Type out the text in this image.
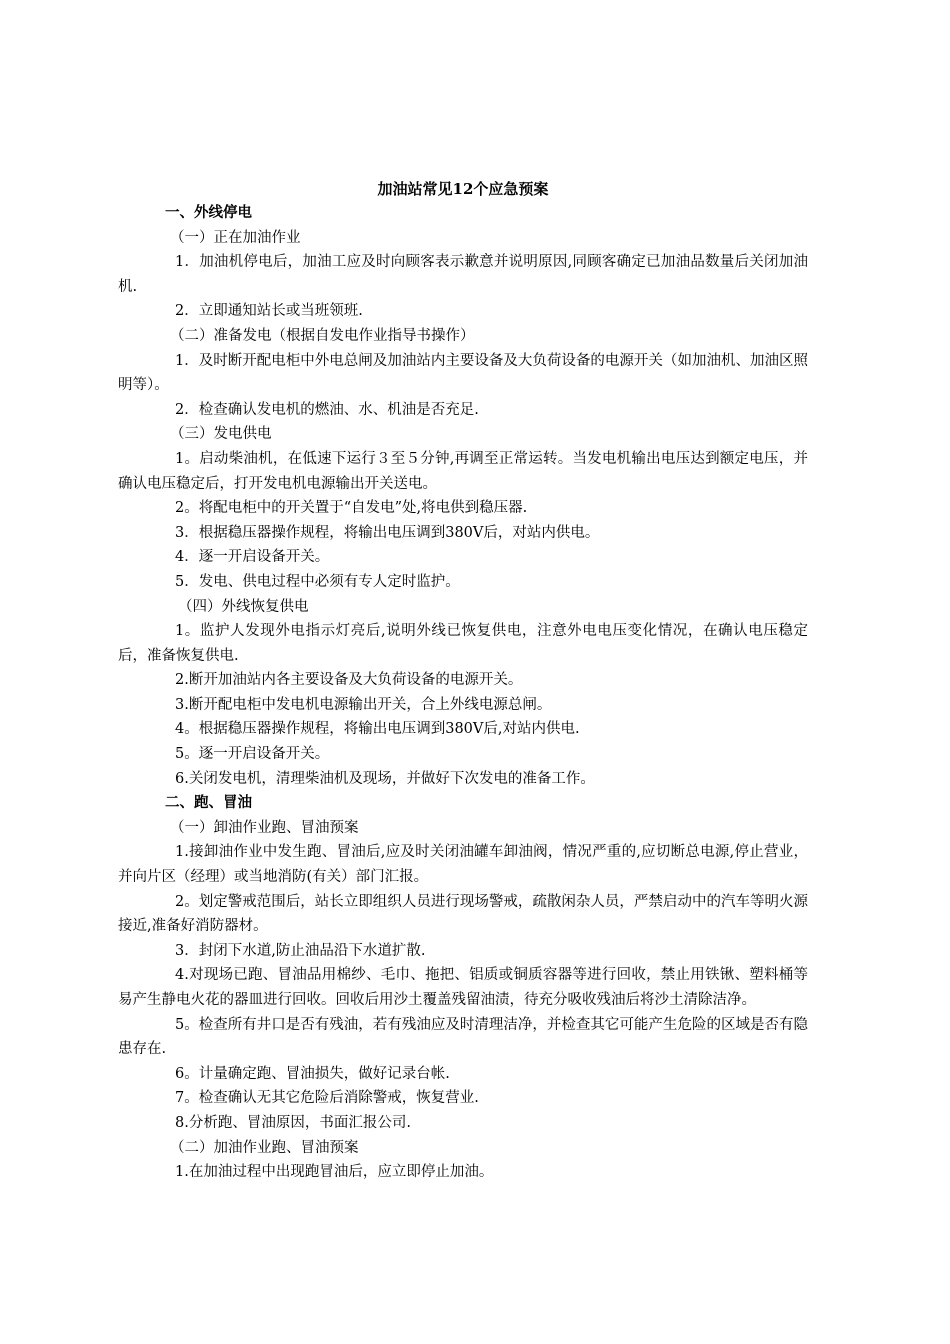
加油站常见12个应急预案
一、外线停电
（一）正在加油作业
1．加油机停电后，加油工应及时向顾客表示歉意并说明原因,同顾客确定已加油品数量后关闭加油机.
2．立即通知站长或当班领班.
（二）准备发电（根据自发电作业指导书操作）
1．及时断开配电柜中外电总闸及加油站内主要设备及大负荷设备的电源开关（如加油机、加油区照明等）。
2．检查确认发电机的燃油、水、机油是否充足.
（三）发电供电
1。启动柴油机，在低速下运行３至５分钟,再调至正常运转。当发电机输出电压达到额定电压，并确认电压稳定后，打开发电机电源输出开关送电。
2。将配电柜中的开关置于“自发电”处,将电供到稳压器.
3．根据稳压器操作规程，将输出电压调到380V后，对站内供电。
4．逐一开启设备开关。
5．发电、供电过程中必须有专人定时监护。
（四）外线恢复供电
1。监护人发现外电指示灯亮后,说明外线已恢复供电，注意外电电压变化情况，在确认电压稳定后，准备恢复供电.
2.断开加油站内各主要设备及大负荷设备的电源开关。
3.断开配电柜中发电机电源输出开关，合上外线电源总闸。
4。根据稳压器操作规程，将输出电压调到380V后,对站内供电.
5。逐一开启设备开关。
6.关闭发电机，清理柴油机及现场，并做好下次发电的准备工作。
二、跑、冒油
（一）卸油作业跑、冒油预案
1.接卸油作业中发生跑、冒油后,应及时关闭油罐车卸油阀，情况严重的,应切断总电源,停止营业，并向片区（经理）或当地消防(有关）部门汇报。
2。划定警戒范围后，站长立即组织人员进行现场警戒，疏散闲杂人员，严禁启动中的汽车等明火源接近,准备好消防器材。
3．封闭下水道,防止油品沿下水道扩散.
4.对现场已跑、冒油品用棉纱、毛巾、拖把、铝质或铜质容器等进行回收，禁止用铁锹、塑料桶等易产生静电火花的器皿进行回收。回收后用沙土覆盖残留油渍，待充分吸收残油后将沙土清除洁净。
5。检查所有井口是否有残油，若有残油应及时清理洁净，并检查其它可能产生危险的区域是否有隐患存在.
6。计量确定跑、冒油损失，做好记录台帐.
7。检查确认无其它危险后消除警戒，恢复营业.
8.分析跑、冒油原因，书面汇报公司.
（二）加油作业跑、冒油预案
1.在加油过程中出现跑冒油后，应立即停止加油。
